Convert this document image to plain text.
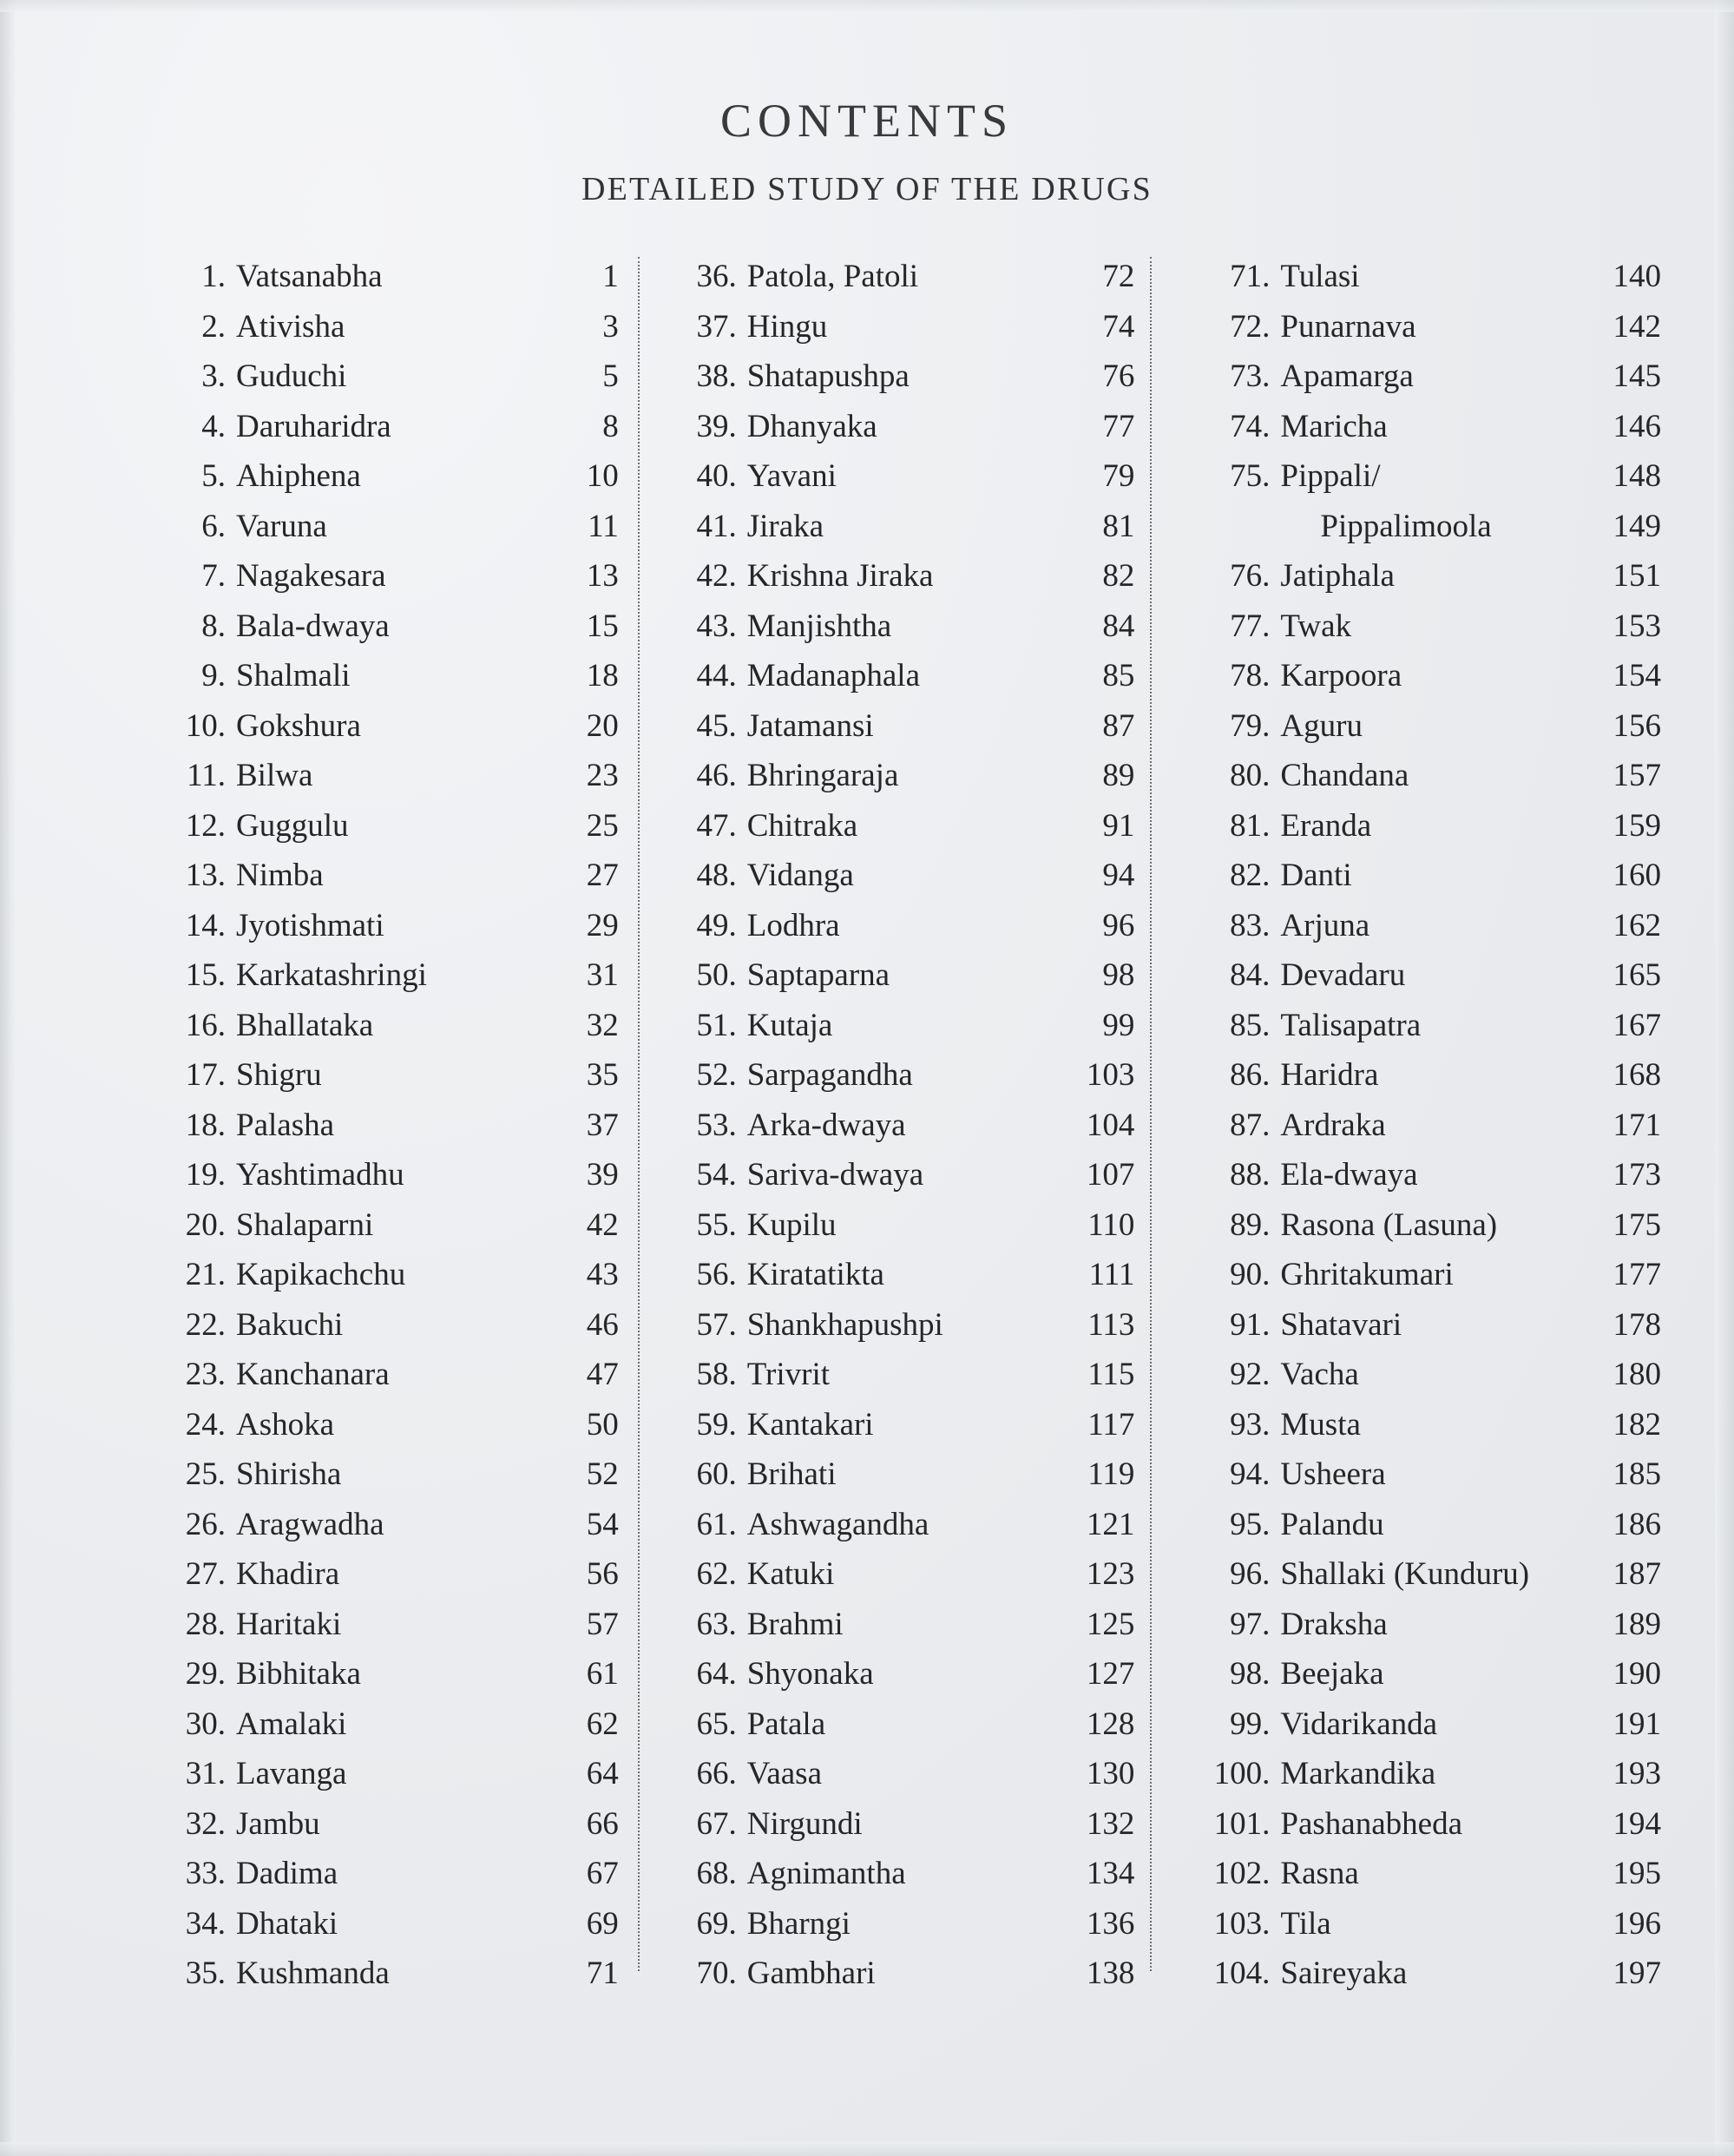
CONTENTS
DETAILED STUDY OF THE DRUGS
1. Vatsanabha	1
2. Ativisha	3
3. Guduchi	5
4. Daruharidra	8
5. Ahiphena	10
6. Varuna	11
7. Nagakesara	13
8. Bala-dwaya	15
9. Shalmali	18
10. Gokshura	20
11. Bilwa	23
12. Guggulu	25
13. Nimba	27
14. Jyotishmati	29
15. Karkatashringi	31
16. Bhallataka	32
17. Shigru	35
18. Palasha	37
19. Yashtimadhu	39
20. Shalaparni	42
21. Kapikachchu	43
22. Bakuchi	46
23. Kanchanara	47
24. Ashoka	50
25. Shirisha	52
26. Aragwadha	54
27. Khadira	56
28. Haritaki	57
29. Bibhitaka	61
30. Amalaki	62
31. Lavanga	64
32. Jambu	66
33. Dadima	67
34. Dhataki	69
35. Kushmanda	71
36. Patola, Patoli	72
37. Hingu	74
38. Shatapushpa	76
39. Dhanyaka	77
40. Yavani	79
41. Jiraka	81
42. Krishna Jiraka	82
43. Manjishtha	84
44. Madanaphala	85
45. Jatamansi	87
46. Bhringaraja	89
47. Chitraka	91
48. Vidanga	94
49. Lodhra	96
50. Saptaparna	98
51. Kutaja	99
52. Sarpagandha	103
53. Arka-dwaya	104
54. Sariva-dwaya	107
55. Kupilu	110
56. Kiratatikta	111
57. Shankhapushpi	113
58. Trivrit	115
59. Kantakari	117
60. Brihati	119
61. Ashwagandha	121
62. Katuki	123
63. Brahmi	125
64. Shyonaka	127
65. Patala	128
66. Vaasa	130
67. Nirgundi	132
68. Agnimantha	134
69. Bharngi	136
70. Gambhari	138
71. Tulasi	140
72. Punarnava	142
73. Apamarga	145
74. Maricha	146
75. Pippali/	148
Pippalimoola	149
76. Jatiphala	151
77. Twak	153
78. Karpoora	154
79. Aguru	156
80. Chandana	157
81. Eranda	159
82. Danti	160
83. Arjuna	162
84. Devadaru	165
85. Talisapatra	167
86. Haridra	168
87. Ardraka	171
88. Ela-dwaya	173
89. Rasona (Lasuna)	175
90. Ghritakumari	177
91. Shatavari	178
92. Vacha	180
93. Musta	182
94. Usheera	185
95. Palandu	186
96. Shallaki (Kunduru)	187
97. Draksha	189
98. Beejaka	190
99. Vidarikanda	191
100. Markandika	193
101. Pashanabheda	194
102. Rasna	195
103. Tila	196
104. Saireyaka	197
